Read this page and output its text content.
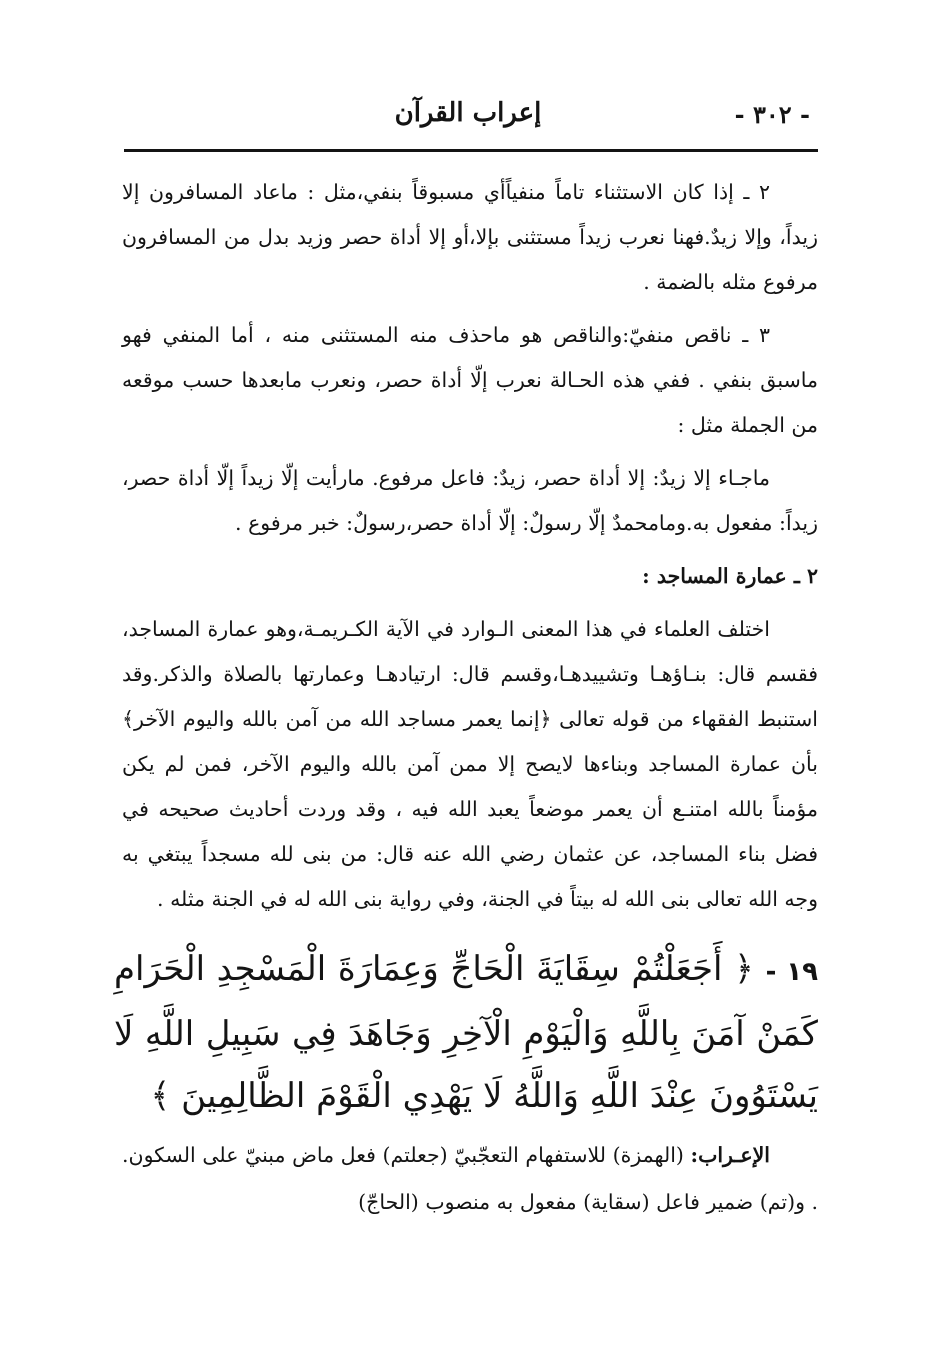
- ٣٠٢ -
إعراب القرآن

٢ ـ إذا كان الاستثناء تاماً منفياًأي مسبوقاً بنفي،مثل : ماعاد المسافرون إلا زيداً، وإلا زيدٌ.فهنا نعرب زيداً مستثنى بإلا،أو إلا أداة حصر وزيد بدل من المسافرون مرفوع مثله بالضمة .

٣ ـ ناقص منفيّ:والناقص هو ماحذف منه المستثنى منه ، أما المنفي فهو ماسبق بنفي . ففي هذه الحـالة نعرب إلّا أداة حصر، ونعرب مابعدها حسب موقعه من الجملة مثل :

ماجـاء إلا زيدٌ: إلا أداة حصر، زيدٌ: فاعل مرفوع. مارأيت إلّا زيداً إلّا أداة حصر، زيداً: مفعول به.ومامحمدٌ إلّا رسولٌ: إلّا أداة حصر،رسولٌ: خبر مرفوع .

٢ ـ عمارة المساجد :

اختلف العلماء في هذا المعنى الـوارد في الآية الكـريمـة،وهو عمارة المساجد، فقسم قال: بنـاؤهـا وتشييدهـا،وقسم قال: ارتيادهـا وعمارتها بالصلاة والذكر.وقد استنبط الفقهاء من قوله تعالى ﴿إنما يعمر مساجد الله من آمن بالله واليوم الآخر﴾ بأن عمارة المساجد وبناءها لايصح إلا ممن آمن بالله واليوم الآخر، فمن لم يكن مؤمناً بالله امتنـع أن يعمر موضعاً يعبد الله فيه ، وقد وردت أحاديث صحيحه في فضل بناء المساجد، عن عثمان رضي الله عنه قال: من بنى لله مسجداً يبتغي به وجه الله تعالى بنى الله له بيتاً في الجنة، وفي رواية بنى الله له في الجنة مثله .

١٩ - ﴿ أَجَعَلْتُمْ سِقَايَةَ الْحَاجِّ وَعِمَارَةَ الْمَسْجِدِ الْحَرَامِ كَمَنْ آمَنَ بِاللَّهِ وَالْيَوْمِ الْآخِرِ وَجَاهَدَ فِي سَبِيلِ اللَّهِ لَا يَسْتَوُونَ عِنْدَ اللَّهِ وَاللَّهُ لَا يَهْدِي الْقَوْمَ الظَّالِمِينَ ﴾
الإعـراب: (الهمزة) للاستفهام التعجّبيّ (جعلتم) فعل ماض مبنيّ على السكون. . و(تم) ضمير فاعل (سقاية) مفعول به منصوب (الحاجّ)
